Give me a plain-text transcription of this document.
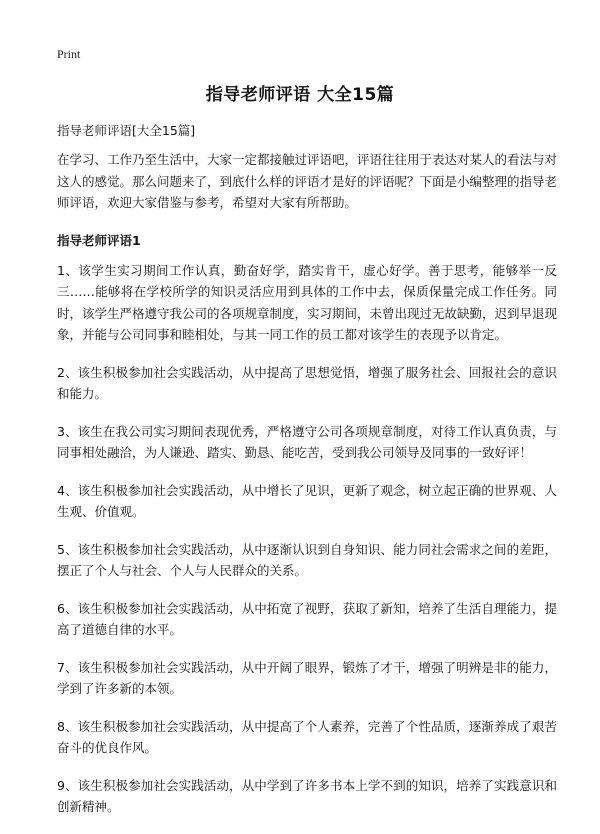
Print
指导老师评语 大全15篇

指导老师评语[大全15篇]

在学习、工作乃至生活中，大家一定都接触过评语吧，评语往往用于表达对某人的看法与对这人的感觉。那么问题来了，到底什么样的评语才是好的评语呢？下面是小编整理的指导老师评语，欢迎大家借鉴与参考，希望对大家有所帮助。

指导老师评语1

1、该学生实习期间工作认真，勤奋好学，踏实肯干，虚心好学。善于思考，能够举一反三……能够将在学校所学的知识灵活应用到具体的工作中去，保质保量完成工作任务。同时，该学生严格遵守我公司的各项规章制度，实习期间，未曾出现过无故缺勤，迟到早退现象，并能与公司同事和睦相处，与其一同工作的员工都对该学生的表现予以肯定。

2、该生积极参加社会实践活动，从中提高了思想觉悟，增强了服务社会、回报社会的意识和能力。

3、该生在我公司实习期间表现优秀，严格遵守公司各项规章制度，对待工作认真负责，与同事相处融洽，为人谦逊、踏实、勤恳、能吃苦，受到我公司领导及同事的一致好评！

4、该生积极参加社会实践活动，从中增长了见识，更新了观念，树立起正确的世界观、人生观、价值观。

5、该生积极参加社会实践活动，从中逐渐认识到自身知识、能力同社会需求之间的差距，摆正了个人与社会、个人与人民群众的关系。

6、该生积极参加社会实践活动，从中拓宽了视野，获取了新知，培养了生活自理能力，提高了道德自律的水平。

7、该生积极参加社会实践活动，从中开阔了眼界，锻炼了才干，增强了明辨是非的能力，学到了许多新的本领。

8、该生积极参加社会实践活动，从中提高了个人素养，完善了个性品质，逐渐养成了艰苦奋斗的优良作风。

9、该生积极参加社会实践活动，从中学到了许多书本上学不到的知识，培养了实践意识和创新精神。
